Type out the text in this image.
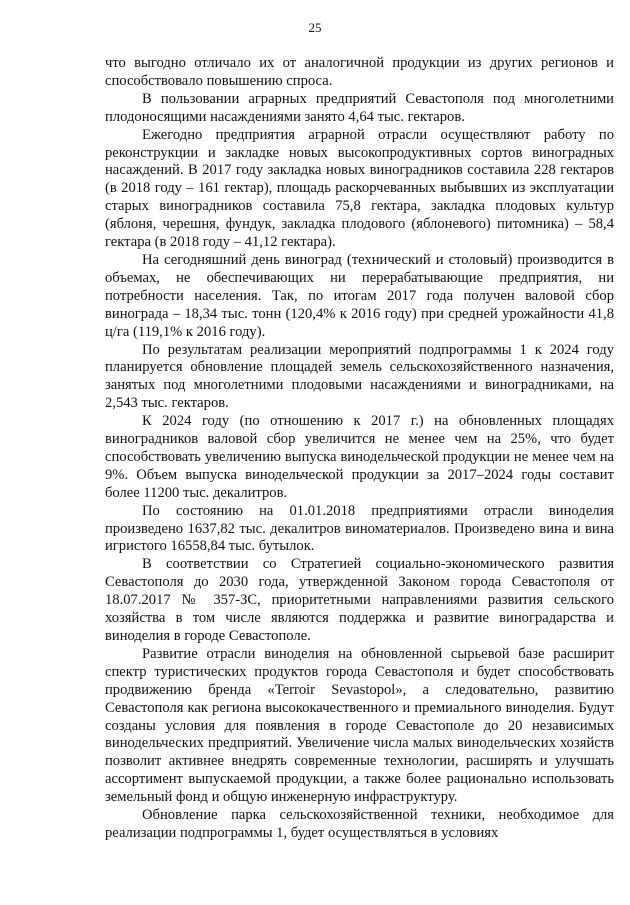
25

что выгодно отличало их от аналогичной продукции из других регионов и способствовало повышению спроса.

В пользовании аграрных предприятий Севастополя под многолетними плодоносящими насаждениями занято 4,64 тыс. гектаров.

Ежегодно предприятия аграрной отрасли осуществляют работу по реконструкции и закладке новых высокопродуктивных сортов виноградных насаждений. В 2017 году закладка новых виноградников составила 228 гектаров (в 2018 году – 161 гектар), площадь раскорчеванных выбывших из эксплуатации старых виноградников составила 75,8 гектара, закладка плодовых культур (яблоня, черешня, фундук, закладка плодового (яблоневого) питомника) – 58,4 гектара (в 2018 году – 41,12 гектара).

На сегодняшний день виноград (технический и столовый) производится в объемах, не обеспечивающих ни перерабатывающие предприятия, ни потребности населения. Так, по итогам 2017 года получен валовой сбор винограда – 18,34 тыс. тонн (120,4% к 2016 году) при средней урожайности 41,8 ц/га (119,1% к 2016 году).

По результатам реализации мероприятий подпрограммы 1 к 2024 году планируется обновление площадей земель сельскохозяйственного назначения, занятых под многолетними плодовыми насаждениями и виноградниками, на 2,543 тыс. гектаров.

К 2024 году (по отношению к 2017 г.) на обновленных площадях виноградников валовой сбор увеличится не менее чем на 25%, что будет способствовать увеличению выпуска винодельческой продукции не менее чем на 9%. Объем выпуска винодельческой продукции за 2017–2024 годы составит более 11200 тыс. декалитров.

По состоянию на 01.01.2018 предприятиями отрасли виноделия произведено 1637,82 тыс. декалитров виноматериалов. Произведено вина и вина игристого 16558,84 тыс. бутылок.

В соответствии со Стратегией социально-экономического развития Севастополя до 2030 года, утвержденной Законом города Севастополя от 18.07.2017 № 357-ЗС, приоритетными направлениями развития сельского хозяйства в том числе являются поддержка и развитие виноградарства и виноделия в городе Севастополе.

Развитие отрасли виноделия на обновленной сырьевой базе расширит спектр туристических продуктов города Севастополя и будет способствовать продвижению бренда «Terroir Sevastopol», а следовательно, развитию Севастополя как региона высококачественного и премиального виноделия. Будут созданы условия для появления в городе Севастополе до 20 независимых винодельческих предприятий. Увеличение числа малых винодельческих хозяйств позволит активнее внедрять современные технологии, расширять и улучшать ассортимент выпускаемой продукции, а также более рационально использовать земельный фонд и общую инженерную инфраструктуру.

Обновление парка сельскохозяйственной техники, необходимое для реализации подпрограммы 1, будет осуществляться в условиях
